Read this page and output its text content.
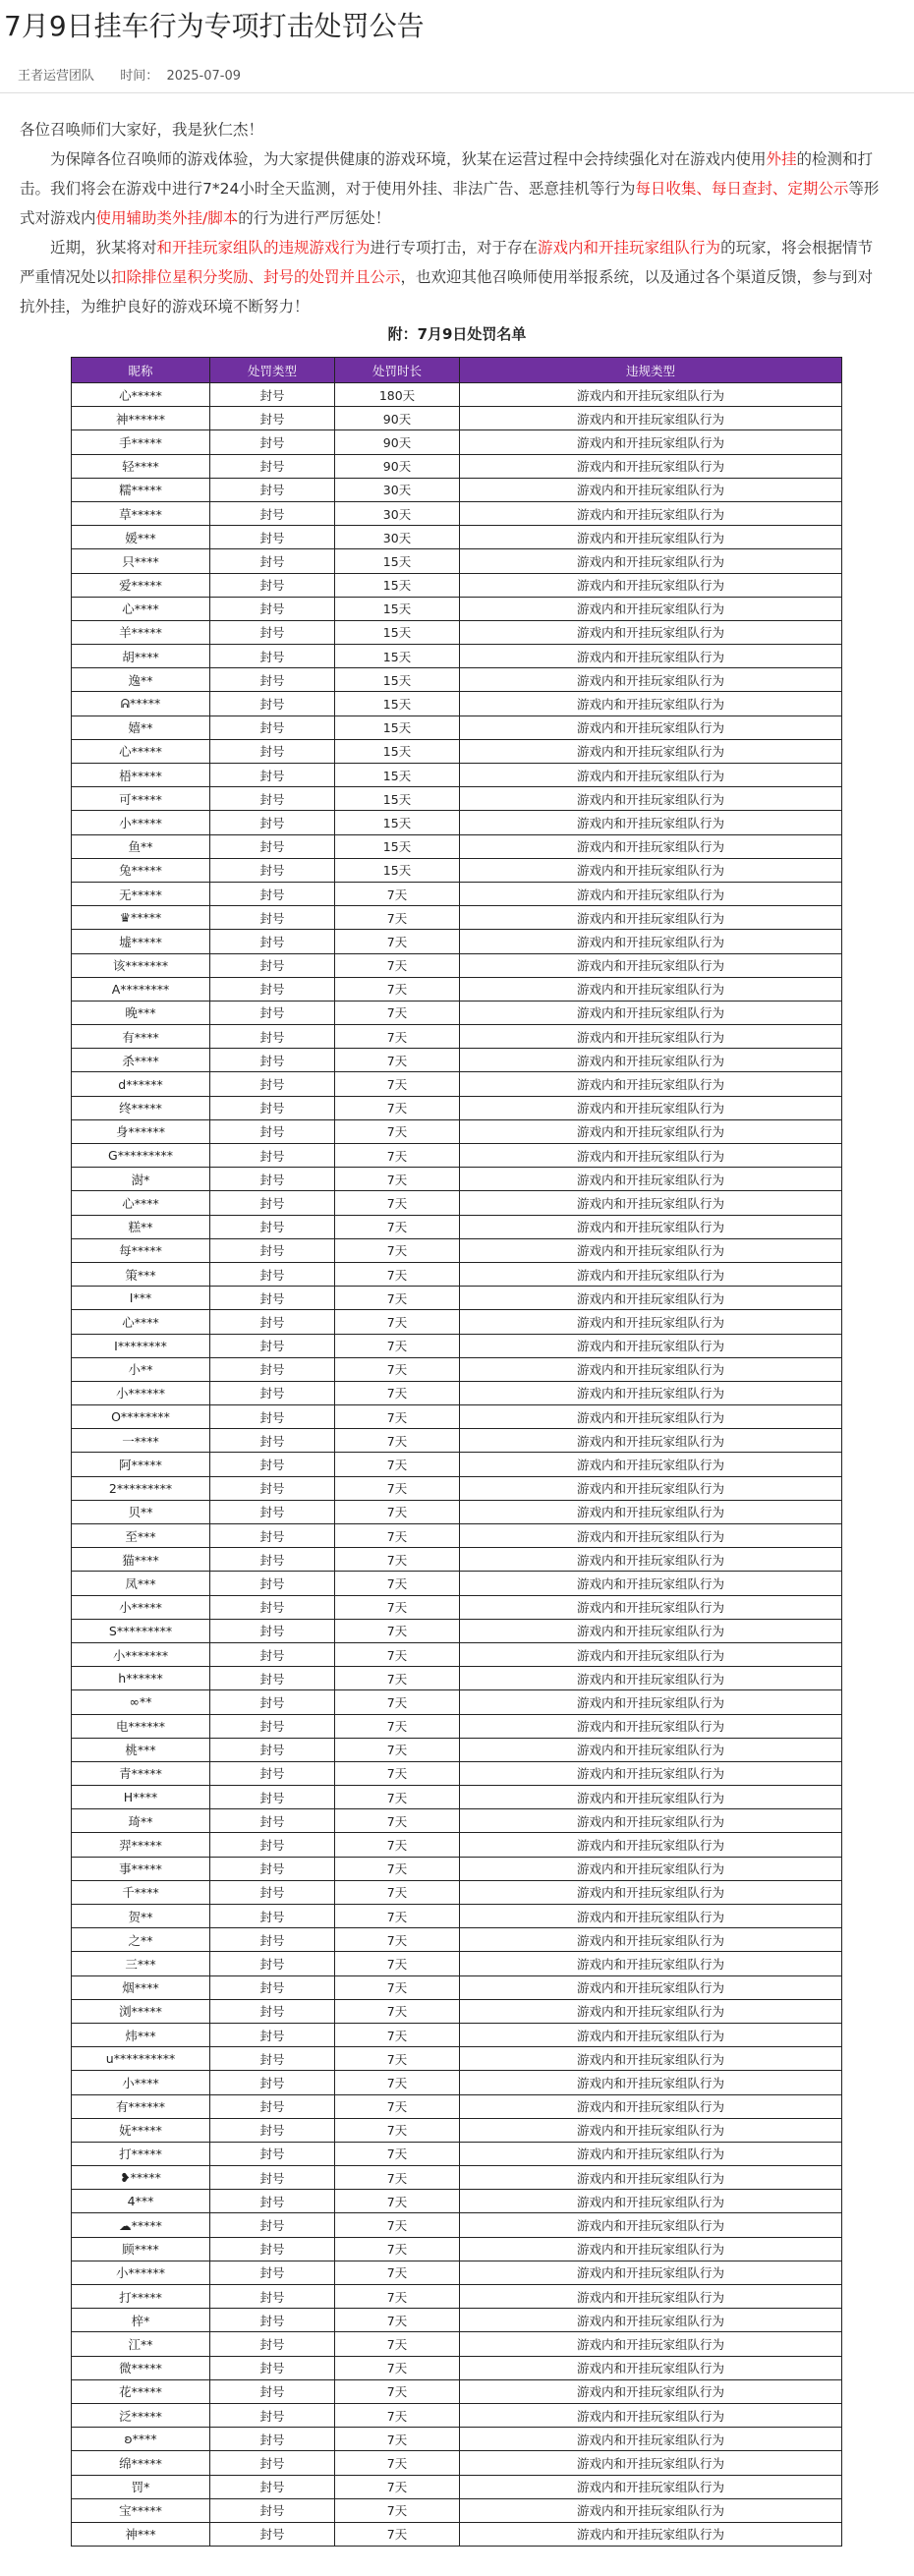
7月9日挂车行为专项打击处罚公告
王者运营团队 时间： 2025-07-09

各位召唤师们大家好，我是狄仁杰！

为保障各位召唤师的游戏体验，为大家提供健康的游戏环境，狄某在运营过程中会持续强化对在游戏内使用外挂的检测和打击。我们将会在游戏中进行7*24小时全天监测，对于使用外挂、非法广告、恶意挂机等行为每日收集、每日查封、定期公示等形式对游戏内使用辅助类外挂/脚本的行为进行严厉惩处！

近期，狄某将对和开挂玩家组队的违规游戏行为进行专项打击，对于存在游戏内和开挂玩家组队行为的玩家，将会根据情节严重情况处以扣除排位星积分奖励、封号的处罚并且公示，也欢迎其他召唤师使用举报系统，以及通过各个渠道反馈，参与到对抗外挂，为维护良好的游戏环境不断努力！

附：7月9日处罚名单
昵称	处罚类型	处罚时长	违规类型
心*****	封号	180天	游戏内和开挂玩家组队行为
神******	封号	90天	游戏内和开挂玩家组队行为
手*****	封号	90天	游戏内和开挂玩家组队行为
轻****	封号	90天	游戏内和开挂玩家组队行为
糯*****	封号	30天	游戏内和开挂玩家组队行为
草*****	封号	30天	游戏内和开挂玩家组队行为
媛***	封号	30天	游戏内和开挂玩家组队行为
只****	封号	15天	游戏内和开挂玩家组队行为
爱*****	封号	15天	游戏内和开挂玩家组队行为
心****	封号	15天	游戏内和开挂玩家组队行为
羊*****	封号	15天	游戏内和开挂玩家组队行为
胡****	封号	15天	游戏内和开挂玩家组队行为
逸**	封号	15天	游戏内和开挂玩家组队行为
ᕱ*****	封号	15天	游戏内和开挂玩家组队行为
嬉**	封号	15天	游戏内和开挂玩家组队行为
心*****	封号	15天	游戏内和开挂玩家组队行为
梧*****	封号	15天	游戏内和开挂玩家组队行为
可*****	封号	15天	游戏内和开挂玩家组队行为
小*****	封号	15天	游戏内和开挂玩家组队行为
鱼**	封号	15天	游戏内和开挂玩家组队行为
兔*****	封号	15天	游戏内和开挂玩家组队行为
无*****	封号	7天	游戏内和开挂玩家组队行为
♛*****	封号	7天	游戏内和开挂玩家组队行为
墟*****	封号	7天	游戏内和开挂玩家组队行为
该*******	封号	7天	游戏内和开挂玩家组队行为
A********	封号	7天	游戏内和开挂玩家组队行为
晚***	封号	7天	游戏内和开挂玩家组队行为
有****	封号	7天	游戏内和开挂玩家组队行为
杀****	封号	7天	游戏内和开挂玩家组队行为
d******	封号	7天	游戏内和开挂玩家组队行为
终*****	封号	7天	游戏内和开挂玩家组队行为
身******	封号	7天	游戏内和开挂玩家组队行为
G*********	封号	7天	游戏内和开挂玩家组队行为
澍*	封号	7天	游戏内和开挂玩家组队行为
心****	封号	7天	游戏内和开挂玩家组队行为
糕**	封号	7天	游戏内和开挂玩家组队行为
每*****	封号	7天	游戏内和开挂玩家组队行为
策***	封号	7天	游戏内和开挂玩家组队行为
I***	封号	7天	游戏内和开挂玩家组队行为
心****	封号	7天	游戏内和开挂玩家组队行为
I********	封号	7天	游戏内和开挂玩家组队行为
小**	封号	7天	游戏内和开挂玩家组队行为
小******	封号	7天	游戏内和开挂玩家组队行为
O********	封号	7天	游戏内和开挂玩家组队行为
一****	封号	7天	游戏内和开挂玩家组队行为
阿*****	封号	7天	游戏内和开挂玩家组队行为
2*********	封号	7天	游戏内和开挂玩家组队行为
贝**	封号	7天	游戏内和开挂玩家组队行为
至***	封号	7天	游戏内和开挂玩家组队行为
猫****	封号	7天	游戏内和开挂玩家组队行为
凤***	封号	7天	游戏内和开挂玩家组队行为
小*****	封号	7天	游戏内和开挂玩家组队行为
S*********	封号	7天	游戏内和开挂玩家组队行为
小*******	封号	7天	游戏内和开挂玩家组队行为
h******	封号	7天	游戏内和开挂玩家组队行为
∞**	封号	7天	游戏内和开挂玩家组队行为
电******	封号	7天	游戏内和开挂玩家组队行为
桃***	封号	7天	游戏内和开挂玩家组队行为
青*****	封号	7天	游戏内和开挂玩家组队行为
H****	封号	7天	游戏内和开挂玩家组队行为
琦**	封号	7天	游戏内和开挂玩家组队行为
羿*****	封号	7天	游戏内和开挂玩家组队行为
事*****	封号	7天	游戏内和开挂玩家组队行为
千****	封号	7天	游戏内和开挂玩家组队行为
贺**	封号	7天	游戏内和开挂玩家组队行为
之**	封号	7天	游戏内和开挂玩家组队行为
三***	封号	7天	游戏内和开挂玩家组队行为
烟****	封号	7天	游戏内和开挂玩家组队行为
浏*****	封号	7天	游戏内和开挂玩家组队行为
炜***	封号	7天	游戏内和开挂玩家组队行为
u**********	封号	7天	游戏内和开挂玩家组队行为
小****	封号	7天	游戏内和开挂玩家组队行为
有******	封号	7天	游戏内和开挂玩家组队行为
妩*****	封号	7天	游戏内和开挂玩家组队行为
打*****	封号	7天	游戏内和开挂玩家组队行为
❥*****	封号	7天	游戏内和开挂玩家组队行为
4***	封号	7天	游戏内和开挂玩家组队行为
☁*****	封号	7天	游戏内和开挂玩家组队行为
顾****	封号	7天	游戏内和开挂玩家组队行为
小******	封号	7天	游戏内和开挂玩家组队行为
打*****	封号	7天	游戏内和开挂玩家组队行为
梓*	封号	7天	游戏内和开挂玩家组队行为
江**	封号	7天	游戏内和开挂玩家组队行为
微*****	封号	7天	游戏内和开挂玩家组队行为
花*****	封号	7天	游戏内和开挂玩家组队行为
泛*****	封号	7天	游戏内和开挂玩家组队行为
ʚ****	封号	7天	游戏内和开挂玩家组队行为
绵*****	封号	7天	游戏内和开挂玩家组队行为
罚*	封号	7天	游戏内和开挂玩家组队行为
宝*****	封号	7天	游戏内和开挂玩家组队行为
神***	封号	7天	游戏内和开挂玩家组队行为
